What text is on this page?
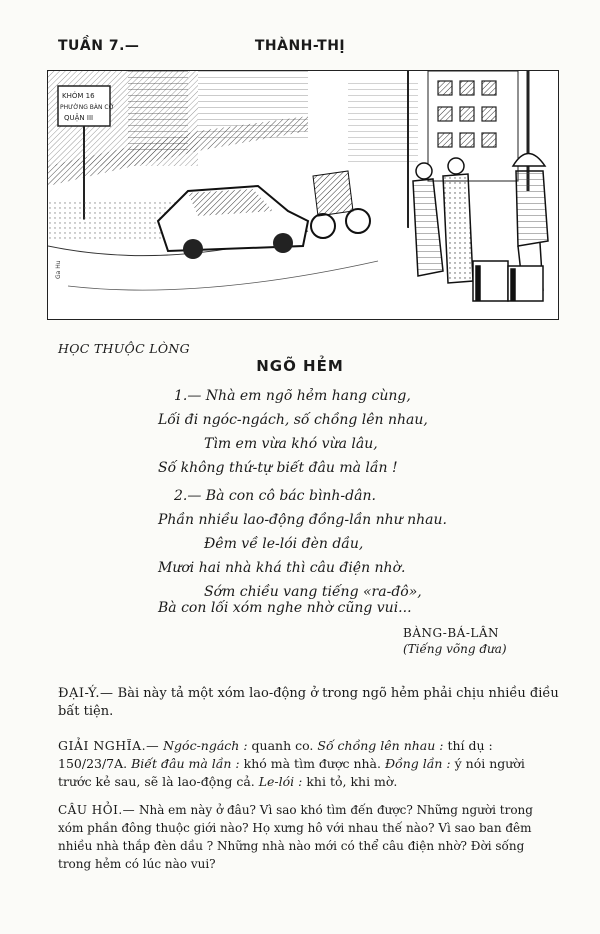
TUẦN 7.—	THÀNH-THỊ
KHÓM 16
PHƯỜNG BÀN CỜ
QUẬN III
Ga Hu
HỌC THUỘC LÒNG
NGÕ HẺM
1.— Nhà em ngõ hẻm hang cùng,
Lối đi ngóc-ngách, số chồng lên nhau,
Tìm em vừa khó vừa lâu,
Số không thứ-tự biết đâu mà lần !
2.— Bà con cô bác bình-dân.
Phần nhiều lao-động đồng-lần như nhau.
Đêm về le-lói đèn dầu,
Mươi hai nhà khá thì câu điện nhờ.
Sớm chiều vang tiếng «ra-đô»,
Bà con lối xóm nghe nhờ cũng vui...
BÀNG-BÁ-LÂN
(Tiếng võng đưa)
ĐẠI-Ý.— Bài này tả một xóm lao-động ở trong ngõ hẻm phải chịu nhiều điều bất tiện.
GIẢI NGHĨA.— Ngóc-ngách : quanh co. Số chồng lên nhau : thí dụ : 150/23/7A. Biết đâu mà lần : khó mà tìm được nhà. Đồng lần : ý nói người trước kẻ sau, sẽ là lao-động cả. Le-lói : khi tỏ, khi mờ.
CÂU HỎI.— Nhà em này ở đâu? Vì sao khó tìm đến được? Những người trong xóm phần đông thuộc giới nào? Họ xưng hô với nhau thế nào? Vì sao ban đêm nhiều nhà thắp đèn dầu ? Những nhà nào mới có thể câu điện nhờ? Đời sống trong hẻm có lúc nào vui?
